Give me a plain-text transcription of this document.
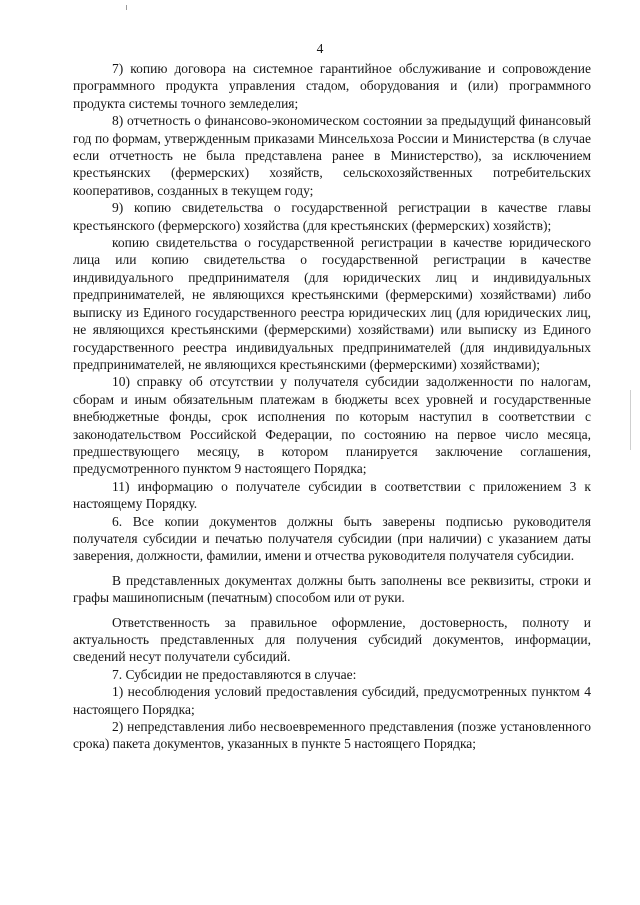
4

7) копию договора на системное гарантийное обслуживание и сопровождение программного продукта управления стадом, оборудования и (или) программного продукта системы точного земледелия;

8) отчетность о финансово-экономическом состоянии за предыдущий финансовый год по формам, утвержденным приказами Минсельхоза России и Министерства (в случае если отчетность не была представлена ранее в Министерство), за исключением крестьянских (фермерских) хозяйств, сельскохозяйственных потребительских кооперативов, созданных в текущем году;

9) копию свидетельства о государственной регистрации в качестве главы крестьянского (фермерского) хозяйства (для крестьянских (фермерских) хозяйств);

копию свидетельства о государственной регистрации в качестве юридического лица или копию свидетельства о государственной регистрации в качестве индивидуального предпринимателя (для юридических лиц и индивидуальных предпринимателей, не являющихся крестьянскими (фермерскими) хозяйствами) либо выписку из Единого государственного реестра юридических лиц (для юридических лиц, не являющихся крестьянскими (фермерскими) хозяйствами) или выписку из Единого государственного реестра индивидуальных предпринимателей (для индивидуальных предпринимателей, не являющихся крестьянскими (фермерскими) хозяйствами);

10) справку об отсутствии у получателя субсидии задолженности по налогам, сборам и иным обязательным платежам в бюджеты всех уровней и государственные внебюджетные фонды, срок исполнения по которым наступил в соответствии с законодательством Российской Федерации, по состоянию на первое число месяца, предшествующего месяцу, в котором планируется заключение соглашения, предусмотренного пунктом 9 настоящего Порядка;

11) информацию о получателе субсидии в соответствии с приложением 3 к настоящему Порядку.

6. Все копии документов должны быть заверены подписью руководителя получателя субсидии и печатью получателя субсидии (при наличии) с указанием даты заверения, должности, фамилии, имени и отчества руководителя получателя субсидии.

В представленных документах должны быть заполнены все реквизиты, строки и графы машинописным (печатным) способом или от руки.

Ответственность за правильное оформление, достоверность, полноту и актуальность представленных для получения субсидий документов, информации, сведений несут получатели субсидий.

7. Субсидии не предоставляются в случае:

1) несоблюдения условий предоставления субсидий, предусмотренных пунктом 4 настоящего Порядка;

2) непредставления либо несвоевременного представления (позже установленного срока) пакета документов, указанных в пункте 5 настоящего Порядка;
